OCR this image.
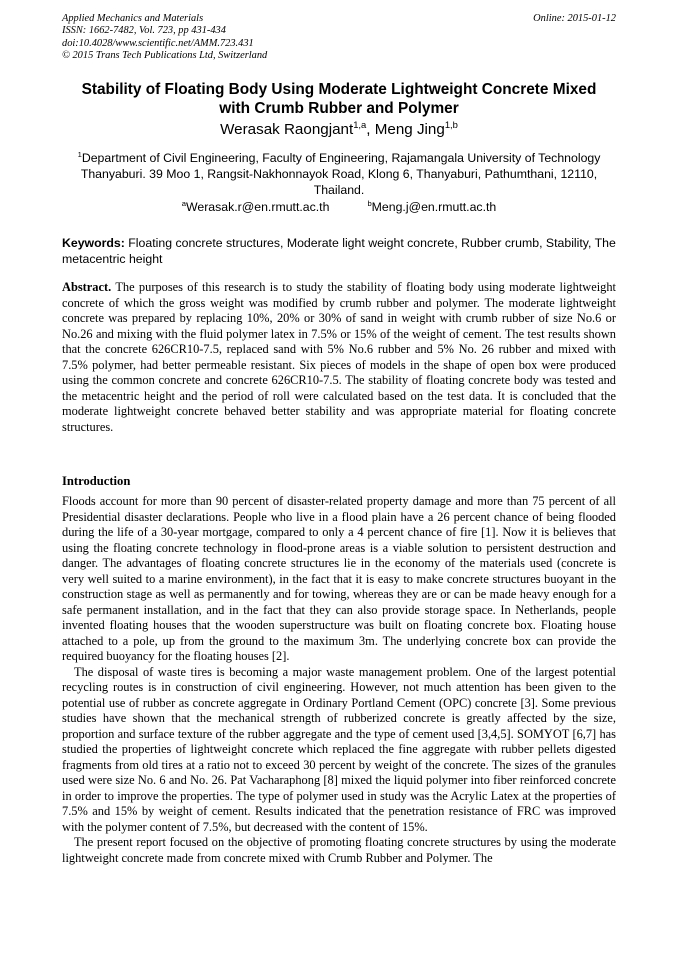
Applied Mechanics and Materials
ISSN: 1662-7482, Vol. 723, pp 431-434
doi:10.4028/www.scientific.net/AMM.723.431
© 2015 Trans Tech Publications Ltd, Switzerland
Online: 2015-01-12
Stability of Floating Body Using Moderate Lightweight Concrete Mixed
with Crumb Rubber and Polymer
Werasak Raongjant$^{1,a}$, Meng Jing$^{1,b}$
$^1$Department of Civil Engineering, Faculty of Engineering, Rajamangala University of Technology Thanyaburi. 39 Moo 1, Rangsit-Nakhonnayok Road, Klong 6, Thanyaburi, Pathumthani, 12110, Thailand.
$^a$Werasak.r@en.rmutt.ac.th	$^b$Meng.j@en.rmutt.ac.th
Keywords: Floating concrete structures, Moderate light weight concrete, Rubber crumb, Stability, The metacentric height
Abstract. The purposes of this research is to study the stability of floating body using moderate lightweight concrete of which the gross weight was modified by crumb rubber and polymer. The moderate lightweight concrete was prepared by replacing 10%, 20% or 30% of sand in weight with crumb rubber of size No.6 or No.26 and mixing with the fluid polymer latex in 7.5% or 15% of the weight of cement. The test results shown that the concrete 626CR10-7.5, replaced sand with 5% No.6 rubber and 5% No. 26 rubber and mixed with 7.5% polymer, had better permeable resistant. Six pieces of models in the shape of open box were produced using the common concrete and concrete 626CR10-7.5. The stability of floating concrete body was tested and the metacentric height and the period of roll were calculated based on the test data. It is concluded that the moderate lightweight concrete behaved better stability and was appropriate material for floating concrete structures.
Introduction

Floods account for more than 90 percent of disaster-related property damage and more than 75 percent of all Presidential disaster declarations. People who live in a flood plain have a 26 percent chance of being flooded during the life of a 30-year mortgage, compared to only a 4 percent chance of fire [1]. Now it is believes that using the floating concrete technology in flood-prone areas is a viable solution to persistent destruction and danger. The advantages of floating concrete structures lie in the economy of the materials used (concrete is very well suited to a marine environment), in the fact that it is easy to make concrete structures buoyant in the construction stage as well as permanently and for towing, whereas they are or can be made heavy enough for a safe permanent installation, and in the fact that they can also provide storage space. In Netherlands, people invented floating houses that the wooden superstructure was built on floating concrete box. Floating house attached to a pole, up from the ground to the maximum 3m. The underlying concrete box can provide the required buoyancy for the floating houses [2].

The disposal of waste tires is becoming a major waste management problem. One of the largest potential recycling routes is in construction of civil engineering. However, not much attention has been given to the potential use of rubber as concrete aggregate in Ordinary Portland Cement (OPC) concrete [3]. Some previous studies have shown that the mechanical strength of rubberized concrete is greatly affected by the size, proportion and surface texture of the rubber aggregate and the type of cement used [3,4,5]. SOMYOT [6,7] has studied the properties of lightweight concrete which replaced the fine aggregate with rubber pellets digested fragments from old tires at a ratio not to exceed 30 percent by weight of the concrete. The sizes of the granules used were size No. 6 and No. 26. Pat Vacharaphong [8] mixed the liquid polymer into fiber reinforced concrete in order to improve the properties. The type of polymer used in study was the Acrylic Latex at the properties of 7.5% and 15% by weight of cement. Results indicated that the penetration resistance of FRC was improved with the polymer content of 7.5%, but decreased with the content of 15%.

The present report focused on the objective of promoting floating concrete structures by using the moderate lightweight concrete made from concrete mixed with Crumb Rubber and Polymer. The
